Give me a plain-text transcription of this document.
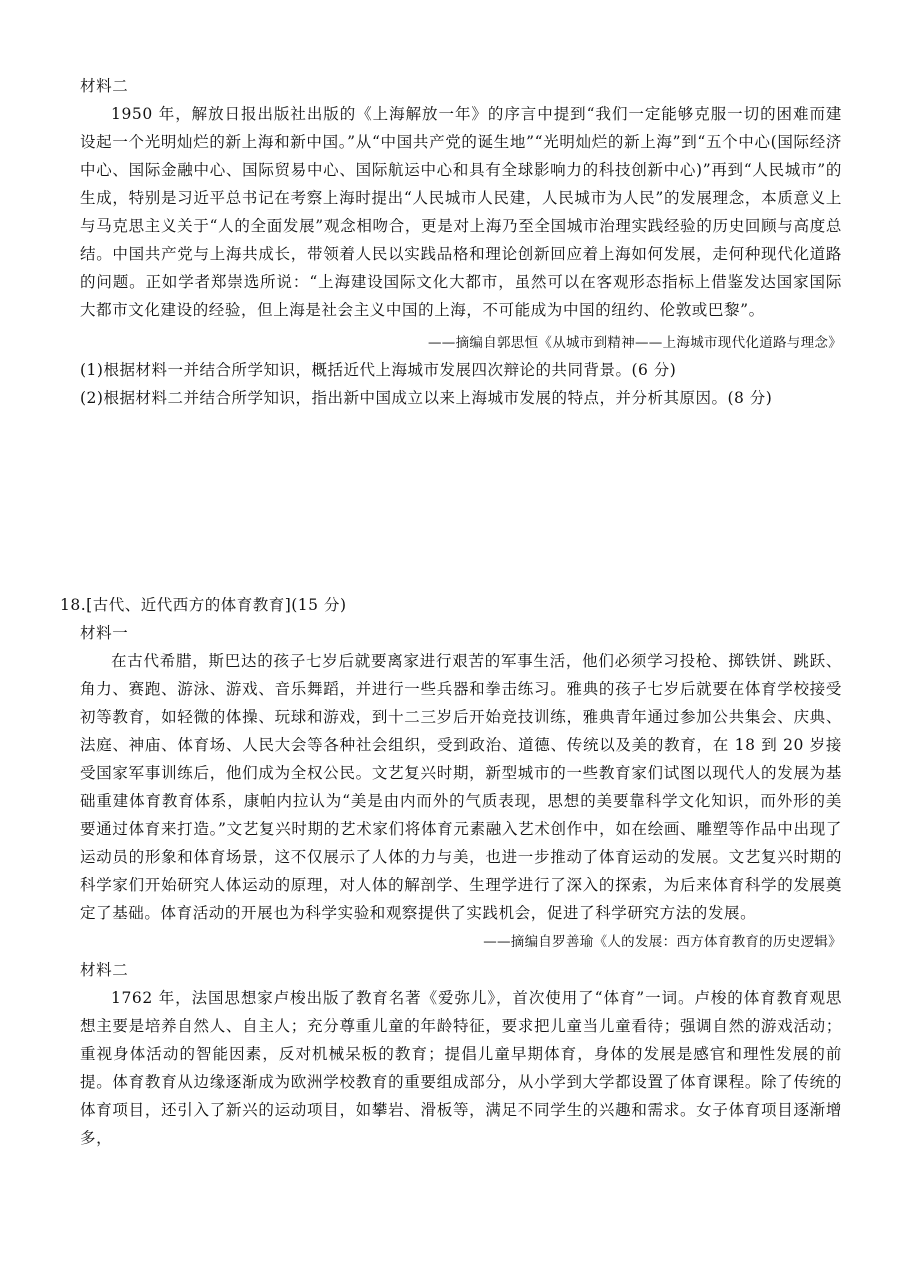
材料二

1950 年，解放日报出版社出版的《上海解放一年》的序言中提到“我们一定能够克服一切的困难而建设起一个光明灿烂的新上海和新中国。”从“中国共产党的诞生地”“光明灿烂的新上海”到“五个中心(国际经济中心、国际金融中心、国际贸易中心、国际航运中心和具有全球影响力的科技创新中心)”再到“人民城市”的生成，特别是习近平总书记在考察上海时提出“人民城市人民建，人民城市为人民”的发展理念，本质意义上与马克思主义关于“人的全面发展”观念相吻合，更是对上海乃至全国城市治理实践经验的历史回顾与高度总结。中国共产党与上海共成长，带领着人民以实践品格和理论创新回应着上海如何发展，走何种现代化道路的问题。正如学者郑崇选所说：“上海建设国际文化大都市，虽然可以在客观形态指标上借鉴发达国家国际大都市文化建设的经验，但上海是社会主义中国的上海，不可能成为中国的纽约、伦敦或巴黎”。

——摘编自郭思恒《从城市到精神——上海城市现代化道路与理念》
(1)根据材料一并结合所学知识，概括近代上海城市发展四次辩论的共同背景。(6 分)
(2)根据材料二并结合所学知识，指出新中国成立以来上海城市发展的特点，并分析其原因。(8 分)
18.[古代、近代西方的体育教育](15 分)
材料一

在古代希腊，斯巴达的孩子七岁后就要离家进行艰苦的军事生活，他们必须学习投枪、掷铁饼、跳跃、角力、赛跑、游泳、游戏、音乐舞蹈，并进行一些兵器和拳击练习。雅典的孩子七岁后就要在体育学校接受初等教育，如轻微的体操、玩球和游戏，到十二三岁后开始竞技训练，雅典青年通过参加公共集会、庆典、法庭、神庙、体育场、人民大会等各种社会组织，受到政治、道德、传统以及美的教育，在 18 到 20 岁接受国家军事训练后，他们成为全权公民。文艺复兴时期，新型城市的一些教育家们试图以现代人的发展为基础重建体育教育体系，康帕内拉认为“美是由内而外的气质表现，思想的美要靠科学文化知识，而外形的美要通过体育来打造。”文艺复兴时期的艺术家们将体育元素融入艺术创作中，如在绘画、雕塑等作品中出现了运动员的形象和体育场景，这不仅展示了人体的力与美，也进一步推动了体育运动的发展。文艺复兴时期的科学家们开始研究人体运动的原理，对人体的解剖学、生理学进行了深入的探索，为后来体育科学的发展奠定了基础。体育活动的开展也为科学实验和观察提供了实践机会，促进了科学研究方法的发展。

——摘编自罗善瑜《人的发展：西方体育教育的历史逻辑》
材料二

1762 年，法国思想家卢梭出版了教育名著《爱弥儿》，首次使用了“体育”一词。卢梭的体育教育观思想主要是培养自然人、自主人；充分尊重儿童的年龄特征，要求把儿童当儿童看待；强调自然的游戏活动；重视身体活动的智能因素，反对机械呆板的教育；提倡儿童早期体育，身体的发展是感官和理性发展的前提。体育教育从边缘逐渐成为欧洲学校教育的重要组成部分，从小学到大学都设置了体育课程。除了传统的体育项目，还引入了新兴的运动项目，如攀岩、滑板等，满足不同学生的兴趣和需求。女子体育项目逐渐增多，
